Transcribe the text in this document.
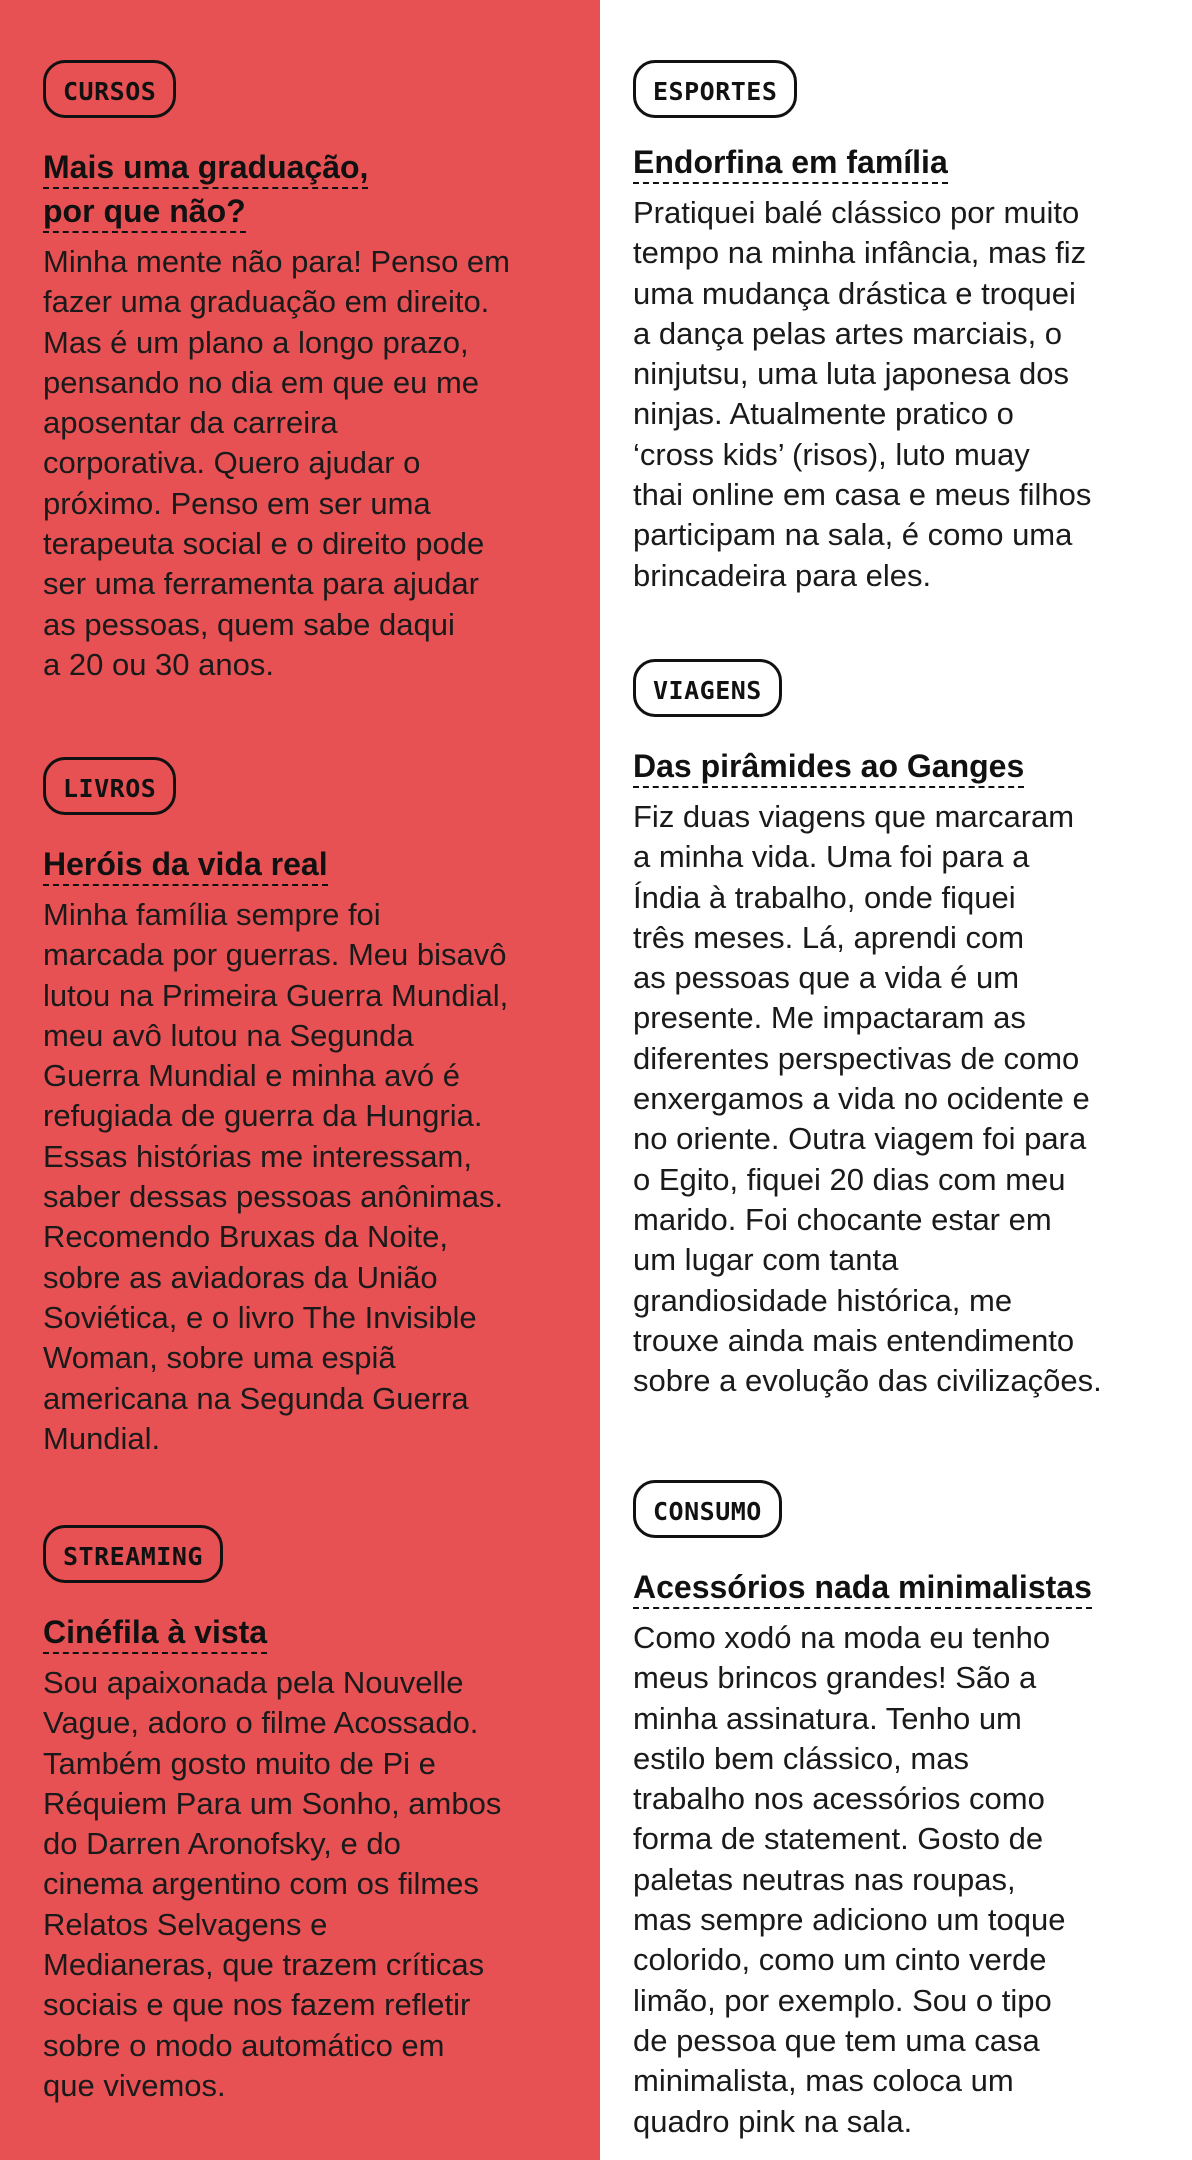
CURSOS
Mais uma graduação,
por que não?

Minha mente não para! Penso em
fazer uma graduação em direito.
Mas é um plano a longo prazo,
pensando no dia em que eu me
aposentar da carreira
corporativa. Quero ajudar o
próximo. Penso em ser uma
terapeuta social e o direito pode
ser uma ferramenta para ajudar
as pessoas, quem sabe daqui
a 20 ou 30 anos.

LIVROS
Heróis da vida real

Minha família sempre foi
marcada por guerras. Meu bisavô
lutou na Primeira Guerra Mundial,
meu avô lutou na Segunda
Guerra Mundial e minha avó é
refugiada de guerra da Hungria.
Essas histórias me interessam,
saber dessas pessoas anônimas.
Recomendo Bruxas da Noite,
sobre as aviadoras da União
Soviética, e o livro The Invisible
Woman, sobre uma espiã
americana na Segunda Guerra
Mundial.

STREAMING
Cinéfila à vista

Sou apaixonada pela Nouvelle
Vague, adoro o filme Acossado.
Também gosto muito de Pi e
Réquiem Para um Sonho, ambos
do Darren Aronofsky, e do
cinema argentino com os filmes
Relatos Selvagens e
Medianeras, que trazem críticas
sociais e que nos fazem refletir
sobre o modo automático em
que vivemos.

ESPORTES
Endorfina em família

Pratiquei balé clássico por muito
tempo na minha infância, mas fiz
uma mudança drástica e troquei
a dança pelas artes marciais, o
ninjutsu, uma luta japonesa dos
ninjas. Atualmente pratico o
‘cross kids’ (risos), luto muay
thai online em casa e meus filhos
participam na sala, é como uma
brincadeira para eles.

VIAGENS
Das pirâmides ao Ganges

Fiz duas viagens que marcaram
a minha vida. Uma foi para a
Índia à trabalho, onde fiquei
três meses. Lá, aprendi com
as pessoas que a vida é um
presente. Me impactaram as
diferentes perspectivas de como
enxergamos a vida no ocidente e
no oriente. Outra viagem foi para
o Egito, fiquei 20 dias com meu
marido. Foi chocante estar em
um lugar com tanta
grandiosidade histórica, me
trouxe ainda mais entendimento
sobre a evolução das civilizações.

CONSUMO
Acessórios nada minimalistas

Como xodó na moda eu tenho
meus brincos grandes! São a
minha assinatura. Tenho um
estilo bem clássico, mas
trabalho nos acessórios como
forma de statement. Gosto de
paletas neutras nas roupas,
mas sempre adiciono um toque
colorido, como um cinto verde
limão, por exemplo. Sou o tipo
de pessoa que tem uma casa
minimalista, mas coloca um
quadro pink na sala.
